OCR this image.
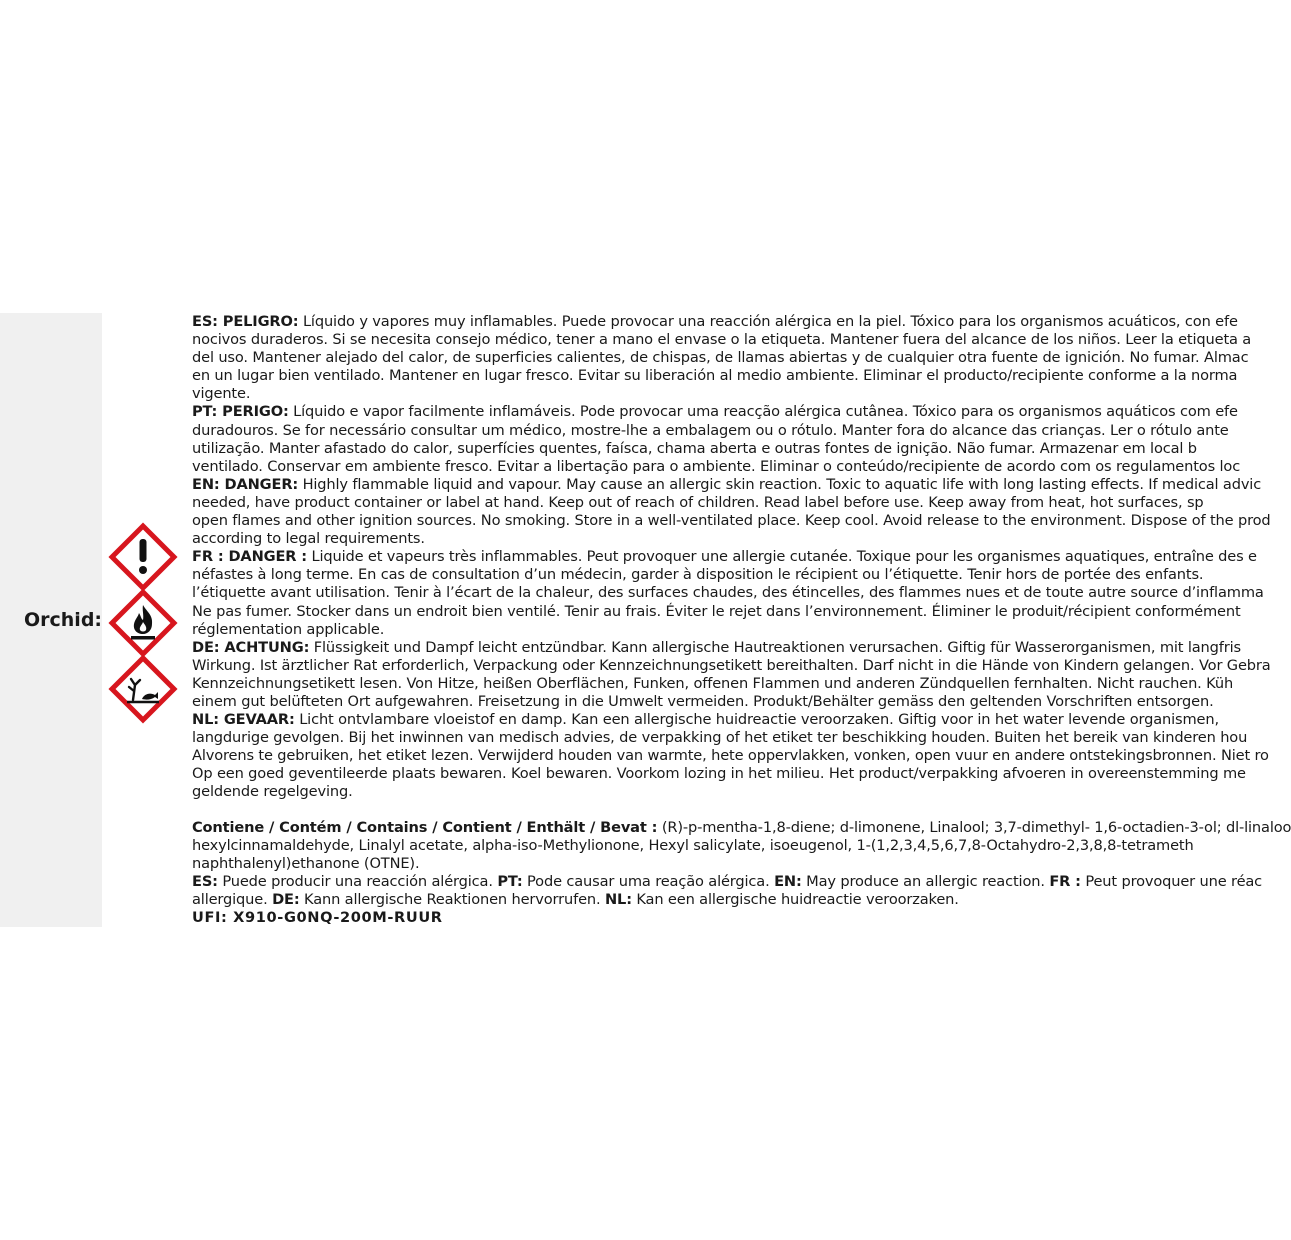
Orchid:
ES: PELIGRO: Líquido y vapores muy inflamables. Puede provocar una reacción alérgica en la piel. Tóxico para los organismos acuáticos, con efe
nocivos duraderos. Si se necesita consejo médico, tener a mano el envase o la etiqueta. Mantener fuera del alcance de los niños. Leer la etiqueta a
del uso. Mantener alejado del calor, de superficies calientes, de chispas, de llamas abiertas y de cualquier otra fuente de ignición. No fumar. Almac
en un lugar bien ventilado. Mantener en lugar fresco. Evitar su liberación al medio ambiente. Eliminar el producto/recipiente conforme a la norma
vigente.
PT: PERIGO: Líquido e vapor facilmente inflamáveis. Pode provocar uma reacção alérgica cutânea. Tóxico para os organismos aquáticos com efe
duradouros. Se for necessário consultar um médico, mostre-lhe a embalagem ou o rótulo. Manter fora do alcance das crianças. Ler o rótulo ante
utilização. Manter afastado do calor, superfícies quentes, faísca, chama aberta e outras fontes de ignição. Não fumar. Armazenar em local b
ventilado. Conservar em ambiente fresco. Evitar a libertação para o ambiente. Eliminar o conteúdo/recipiente de acordo com os regulamentos loc
EN: DANGER: Highly flammable liquid and vapour. May cause an allergic skin reaction. Toxic to aquatic life with long lasting effects. If medical advic
needed, have product container or label at hand. Keep out of reach of children. Read label before use. Keep away from heat, hot surfaces, sp
open flames and other ignition sources. No smoking. Store in a well-ventilated place. Keep cool. Avoid release to the environment. Dispose of the prod
according to legal requirements.
FR : DANGER : Liquide et vapeurs très inflammables. Peut provoquer une allergie cutanée. Toxique pour les organismes aquatiques, entraîne des e
néfastes à long terme. En cas de consultation d’un médecin, garder à disposition le récipient ou l’étiquette. Tenir hors de portée des enfants.
l’étiquette avant utilisation. Tenir à l’écart de la chaleur, des surfaces chaudes, des étincelles, des flammes nues et de toute autre source d’inflamma
Ne pas fumer. Stocker dans un endroit bien ventilé. Tenir au frais. Éviter le rejet dans l’environnement. Éliminer le produit/récipient conformément
réglementation applicable.
DE: ACHTUNG: Flüssigkeit und Dampf leicht entzündbar. Kann allergische Hautreaktionen verursachen. Giftig für Wasserorganismen, mit langfris
Wirkung. Ist ärztlicher Rat erforderlich, Verpackung oder Kennzeichnungsetikett bereithalten. Darf nicht in die Hände von Kindern gelangen. Vor Gebra
Kennzeichnungsetikett lesen. Von Hitze, heißen Oberflächen, Funken, offenen Flammen und anderen Zündquellen fernhalten. Nicht rauchen. Küh
einem gut belüfteten Ort aufgewahren. Freisetzung in die Umwelt vermeiden. Produkt/Behälter gemäss den geltenden Vorschriften entsorgen.
NL: GEVAAR: Licht ontvlambare vloeistof en damp. Kan een allergische huidreactie veroorzaken. Giftig voor in het water levende organismen,
langdurige gevolgen. Bij het inwinnen van medisch advies, de verpakking of het etiket ter beschikking houden. Buiten het bereik van kinderen hou
Alvorens te gebruiken, het etiket lezen. Verwijderd houden van warmte, hete oppervlakken, vonken, open vuur en andere ontstekingsbronnen. Niet ro
Op een goed geventileerde plaats bewaren. Koel bewaren. Voorkom lozing in het milieu. Het product/verpakking afvoeren in overeenstemming me
geldende regelgeving.
Contiene / Contém / Contains / Contient / Enthält / Bevat : (R)-p-mentha-1,8-diene; d-limonene, Linalool; 3,7-dimethyl- 1,6-octadien-3-ol; dl-linaloo
hexylcinnamaldehyde, Linalyl acetate, alpha-iso-Methylionone, Hexyl salicylate, isoeugenol, 1-(1,2,3,4,5,6,7,8-Octahydro-2,3,8,8-tetrameth
naphthalenyl)ethanone (OTNE).
ES: Puede producir una reacción alérgica. PT: Pode causar uma reação alérgica. EN: May produce an allergic reaction. FR : Peut provoquer une réac
allergique. DE: Kann allergische Reaktionen hervorrufen. NL: Kan een allergische huidreactie veroorzaken.
UFI: X910-G0NQ-200M-RUUR
